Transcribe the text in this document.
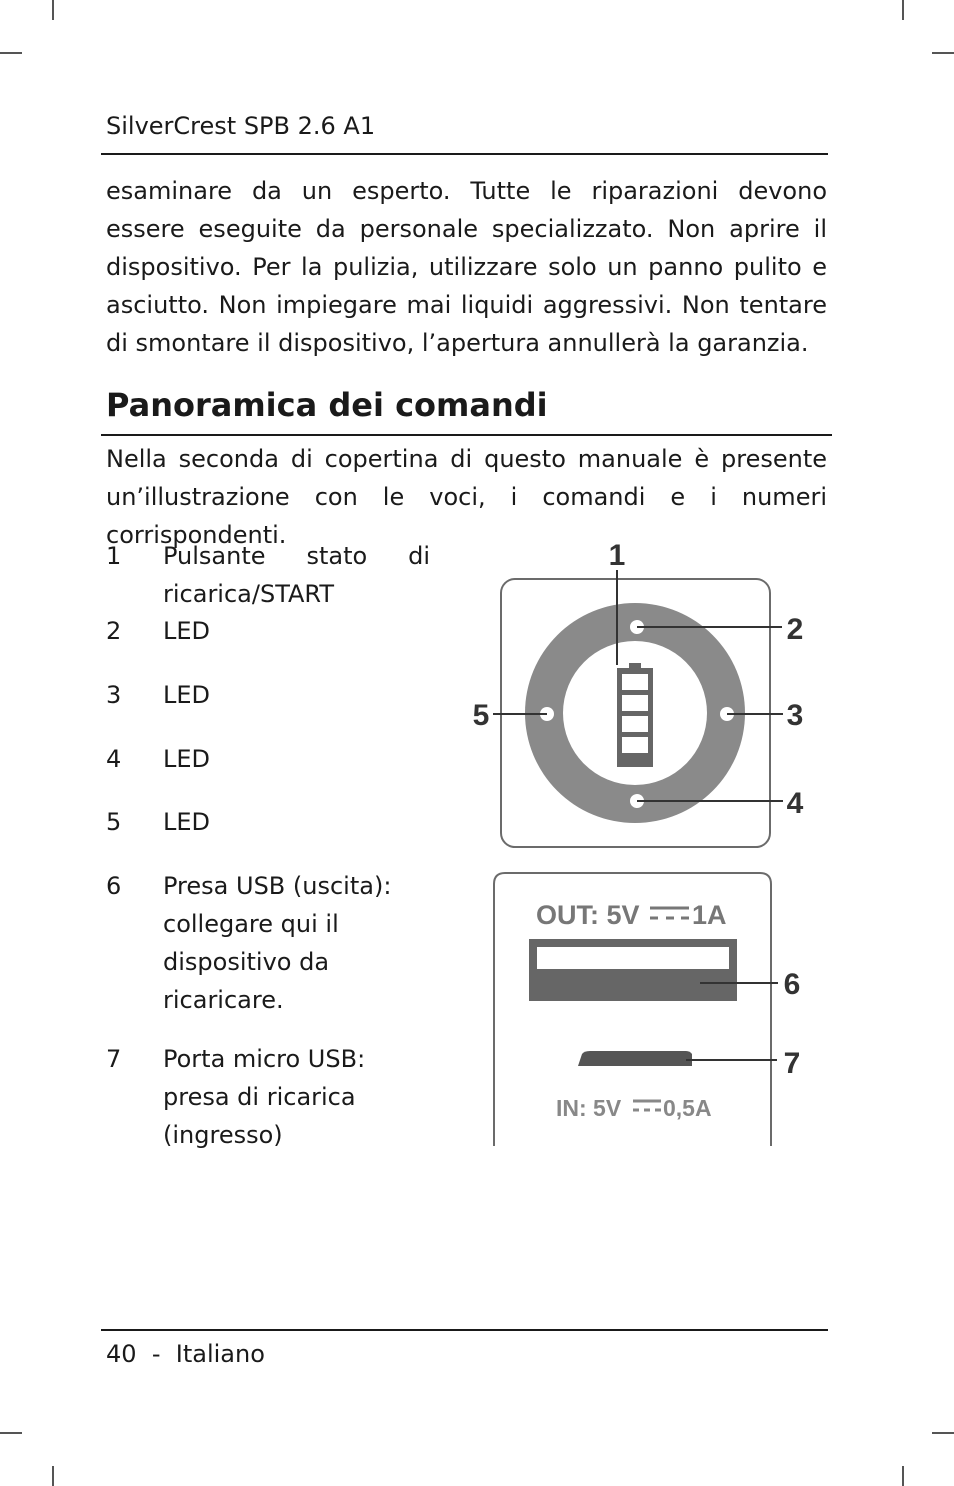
SilverCrest SPB 2.6 A1

esaminare da un esperto. Tutte le riparazioni devono essere eseguite da personale specializzato. Non aprire il dispositivo. Per la pulizia, utilizzare solo un panno pulito e asciutto. Non impiegare mai liquidi aggressivi. Non tentare di smontare il dispositivo, l’apertura annullerà la garanzia.

Panoramica dei comandi

Nella seconda di copertina di questo manuale è presente un’illustrazione con le voci, i comandi e i numeri corrispondenti.

1	Pulsante stato di
ricarica/START
2	LED
3	LED
4	LED
5	LED
6	Presa USB (uscita): collegare qui il dispositivo da ricaricare.
7	Porta micro USB: presa di ricarica (ingresso)
1
2
3
4
5
OUT: 5V 1A
6
7
IN: 5V 0,5A
40 - Italiano
